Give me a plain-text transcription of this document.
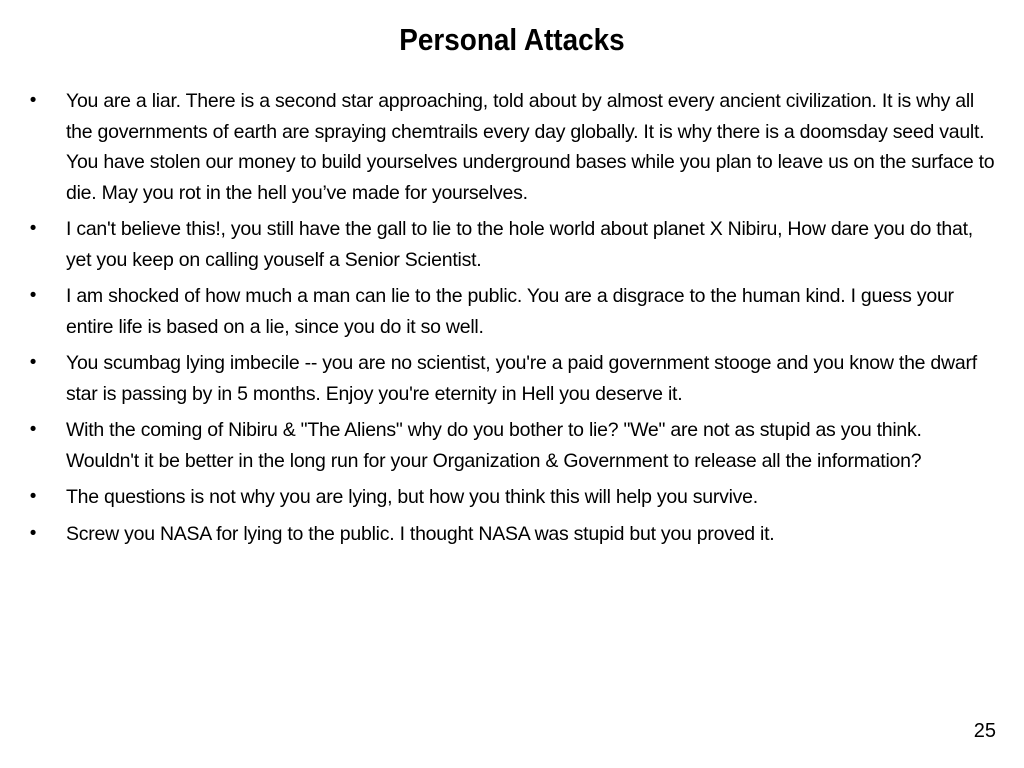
Personal Attacks
• You are a liar. There is a second star approaching, told about by almost every ancient civilization. It is why all the governments of earth are spraying chemtrails every day globally. It is why there is a doomsday seed vault. You have stolen our money to build yourselves underground bases while you plan to leave us on the surface to die. May you rot in the hell you’ve made for yourselves.
• I can't believe this!, you still have the gall to lie to the hole world about planet X Nibiru, How dare you do that, yet you keep on calling youself a Senior Scientist.
• I am shocked of how much a man can lie to the public. You are a disgrace to the human kind. I guess your entire life is based on a lie, since you do it so well.
• You scumbag lying imbecile -- you are no scientist, you're a paid government stooge and you know the dwarf star is passing by in 5 months. Enjoy you're eternity in Hell you deserve it.
• With the coming of Nibiru & "The Aliens" why do you bother to lie? "We" are not as stupid as you think. Wouldn't it be better in the long run for your Organization & Government to release all the information?
• The questions is not why you are lying, but how you think this will help you survive.
• Screw you NASA for lying to the public. I thought NASA was stupid but you proved it.
25
